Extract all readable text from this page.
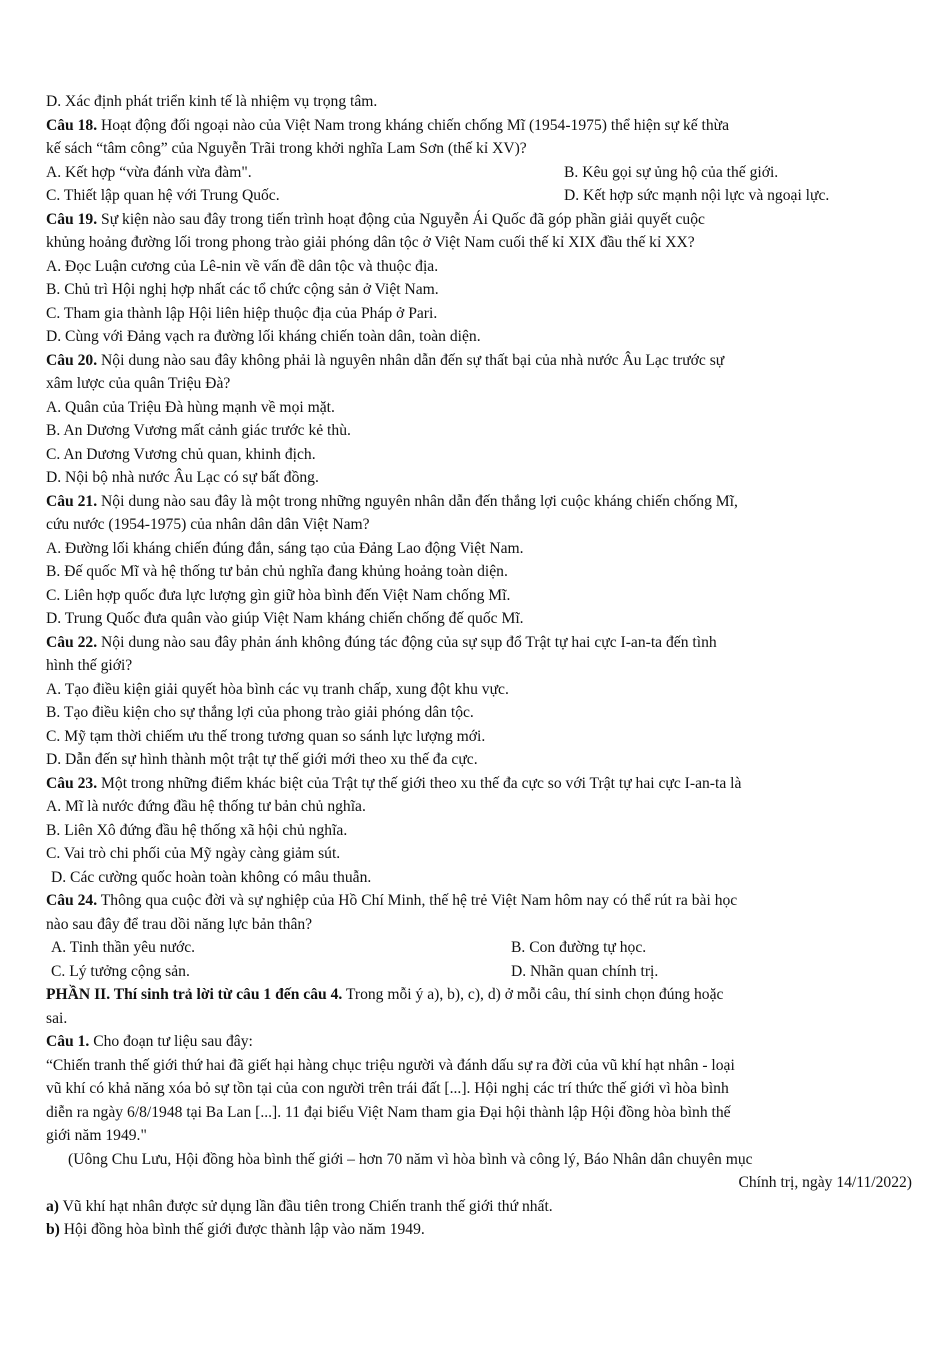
D. Xác định phát triển kinh tế là nhiệm vụ trọng tâm.
Câu 18. Hoạt động đối ngoại nào của Việt Nam trong kháng chiến chống Mĩ (1954-1975) thể hiện sự kế thừa
kế sách “tâm công” của Nguyễn Trãi trong khởi nghĩa Lam Sơn (thế kỉ XV)?
A. Kết hợp “vừa đánh vừa đàm".	B. Kêu gọi sự ủng hộ của thế giới.
C. Thiết lập quan hệ với Trung Quốc.	D. Kết hợp sức mạnh nội lực và ngoại lực.
Câu 19. Sự kiện nào sau đây trong tiến trình hoạt động của Nguyễn Ái Quốc đã góp phần giải quyết cuộc
khủng hoảng đường lối trong phong trào giải phóng dân tộc ở Việt Nam cuối thế kỉ XIX đầu thế kỉ XX?
A. Đọc Luận cương của Lê-nin về vấn đề dân tộc và thuộc địa.
B. Chủ trì Hội nghị hợp nhất các tổ chức cộng sản ở Việt Nam.
C. Tham gia thành lập Hội liên hiệp thuộc địa của Pháp ở Pari.
D. Cùng với Đảng vạch ra đường lối kháng chiến toàn dân, toàn diện.
Câu 20. Nội dung nào sau đây không phải là nguyên nhân dẫn đến sự thất bại của nhà nước Âu Lạc trước sự
xâm lược của quân Triệu Đà?
A. Quân của Triệu Đà hùng mạnh về mọi mặt.
B. An Dương Vương mất cảnh giác trước kẻ thù.
C. An Dương Vương chủ quan, khinh địch.
D. Nội bộ nhà nước Âu Lạc có sự bất đồng.
Câu 21. Nội dung nào sau đây là một trong những nguyên nhân dẫn đến thắng lợi cuộc kháng chiến chống Mĩ,
cứu nước (1954-1975) của nhân dân dân Việt Nam?
A. Đường lối kháng chiến đúng đắn, sáng tạo của Đảng Lao động Việt Nam.
B. Đế quốc Mĩ và hệ thống tư bản chủ nghĩa đang khủng hoảng toàn diện.
C. Liên hợp quốc đưa lực lượng gìn giữ hòa bình đến Việt Nam chống Mĩ.
D. Trung Quốc đưa quân vào giúp Việt Nam kháng chiến chống đế quốc Mĩ.
Câu 22. Nội dung nào sau đây phản ánh không đúng tác động của sự sụp đổ Trật tự hai cực I-an-ta đến tình
hình thế giới?
A. Tạo điều kiện giải quyết hòa bình các vụ tranh chấp, xung đột khu vực.
B. Tạo điều kiện cho sự thắng lợi của phong trào giải phóng dân tộc.
C. Mỹ tạm thời chiếm ưu thế trong tương quan so sánh lực lượng mới.
D. Dẫn đến sự hình thành một trật tự thế giới mới theo xu thế đa cực.
Câu 23. Một trong những điểm khác biệt của Trật tự thế giới theo xu thế đa cực so với Trật tự hai cực I-an-ta là
A. Mĩ là nước đứng đầu hệ thống tư bản chủ nghĩa.
B. Liên Xô đứng đầu hệ thống xã hội chủ nghĩa.
C. Vai trò chi phối của Mỹ ngày càng giảm sút.
D. Các cường quốc hoàn toàn không có mâu thuẫn.
Câu 24. Thông qua cuộc đời và sự nghiệp của Hồ Chí Minh, thế hệ trẻ Việt Nam hôm nay có thể rút ra bài học
nào sau đây để trau dồi năng lực bản thân?
A. Tinh thần yêu nước.	B. Con đường tự học.
C. Lý tưởng cộng sản.	D. Nhãn quan chính trị.
PHẦN II. Thí sinh trả lời từ câu 1 đến câu 4. Trong mỗi ý a), b), c), d) ở mỗi câu, thí sinh chọn đúng hoặc
sai.
Câu 1. Cho đoạn tư liệu sau đây:
“Chiến tranh thế giới thứ hai đã giết hại hàng chục triệu người và đánh dấu sự ra đời của vũ khí hạt nhân - loại
vũ khí có khả năng xóa bỏ sự tồn tại của con người trên trái đất [...]. Hội nghị các trí thức thế giới vì hòa bình
diễn ra ngày 6/8/1948 tại Ba Lan [...]. 11 đại biểu Việt Nam tham gia Đại hội thành lập Hội đồng hòa bình thế
giới năm 1949."
(Uông Chu Lưu, Hội đồng hòa bình thế giới – hơn 70 năm vì hòa bình và công lý, Báo Nhân dân chuyên mục
Chính trị, ngày 14/11/2022)
a) Vũ khí hạt nhân được sử dụng lần đầu tiên trong Chiến tranh thế giới thứ nhất.
b) Hội đồng hòa bình thế giới được thành lập vào năm 1949.
